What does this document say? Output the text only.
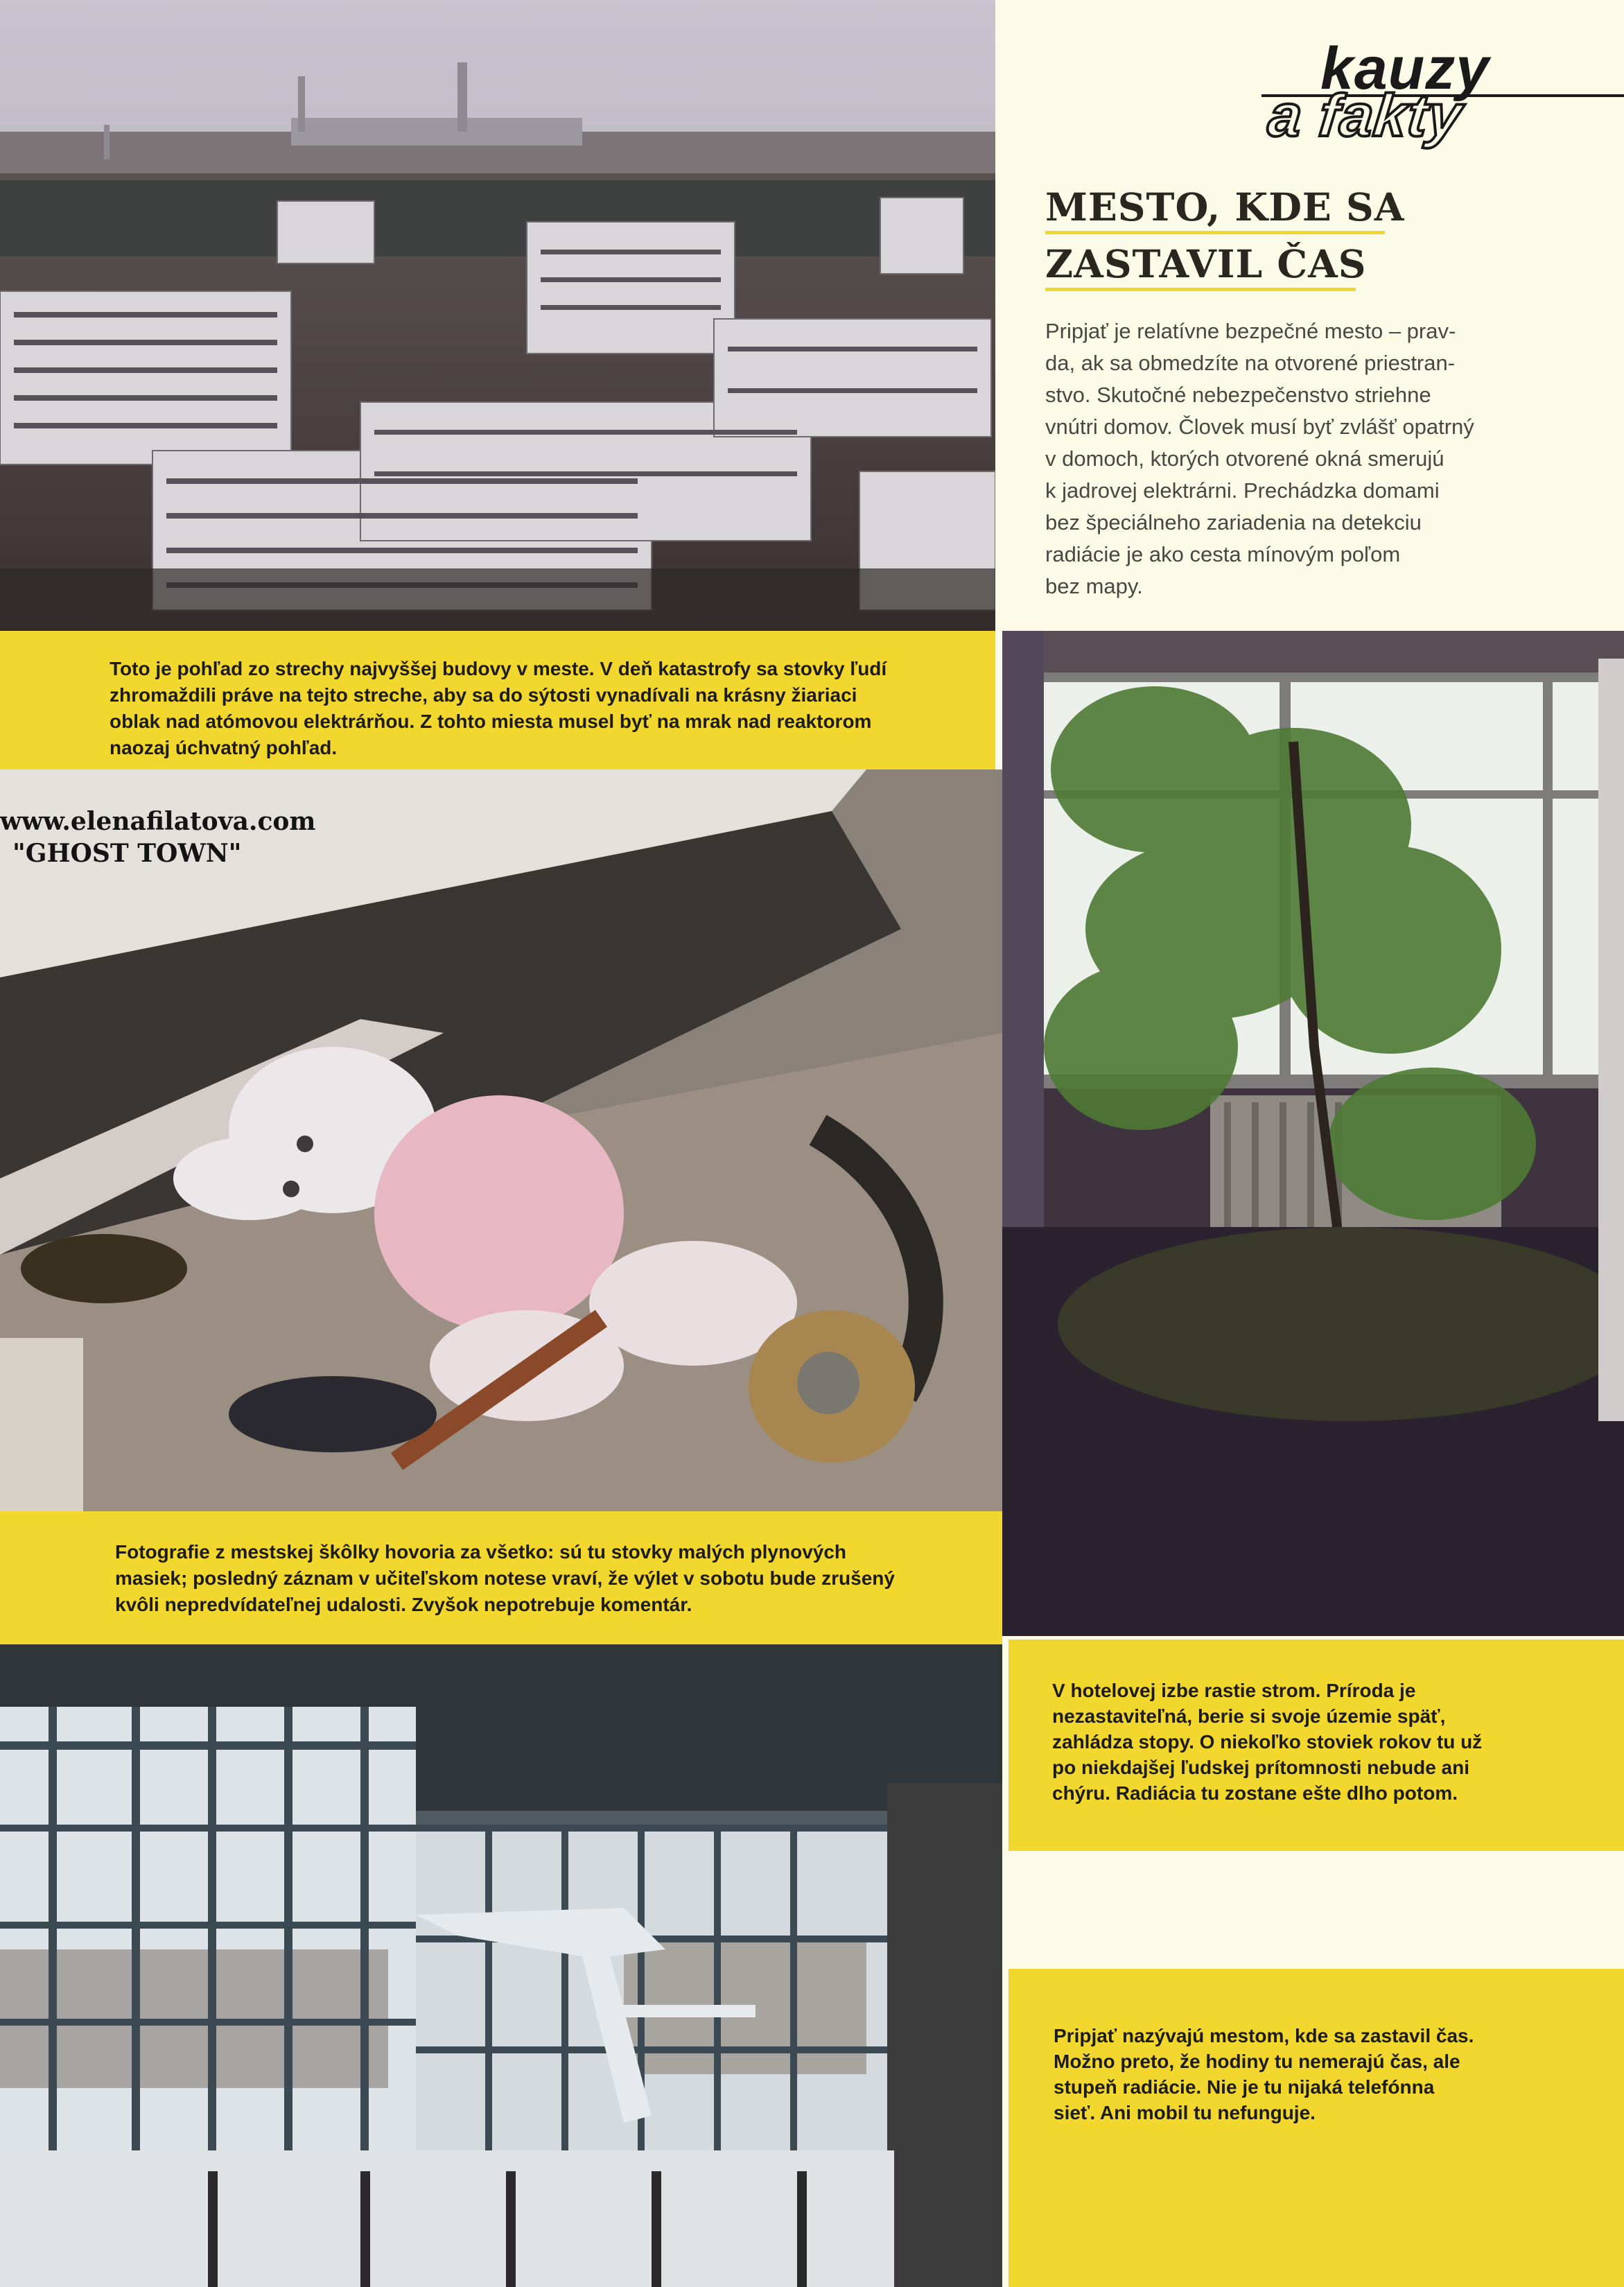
Toto je pohľad zo strechy najvyššej budovy v meste. V deň katastrofy sa stovky ľudí
zhromaždili práve na tejto streche, aby sa do sýtosti vynadívali na krásny žiariaci
oblak nad atómovou elektrárňou. Z tohto miesta musel byť na mrak nad reaktorom
naozaj úchvatný pohľad.
www.elenafilatova.com
"GHOST TOWN"
Fotografie z mestskej škôlky hovoria za všetko: sú tu stovky malých plynových
masiek; posledný záznam v učiteľskom notese vraví, že výlet v sobotu bude zrušený
kvôli nepredvídateľnej udalosti. Zvyšok nepotrebuje komentár.
V hotelovej izbe rastie strom. Príroda je
nezastaviteľná, berie si svoje územie späť,
zahládza stopy. O niekoľko stoviek rokov tu už
po niekdajšej ľudskej prítomnosti nebude ani
chýru. Radiácia tu zostane ešte dlho potom.
Pripjať nazývajú mestom, kde sa zastavil čas.
Možno preto, že hodiny tu nemerajú čas, ale
stupeň radiácie. Nie je tu nijaká telefónna
sieť. Ani mobil tu nefunguje.
kauzy
a fakty
MESTO, KDE SA
ZASTAVIL ČAS
Pripjať je relatívne bezpečné mesto – prav-
da, ak sa obmedzíte na otvorené priestran-
stvo. Skutočné nebezpečenstvo striehne
vnútri domov. Človek musí byť zvlášť opatrný
v domoch, ktorých otvorené okná smerujú
k jadrovej elektrárni. Prechádzka domami
bez špeciálneho zariadenia na detekciu
radiácie je ako cesta mínovým poľom
bez mapy.
